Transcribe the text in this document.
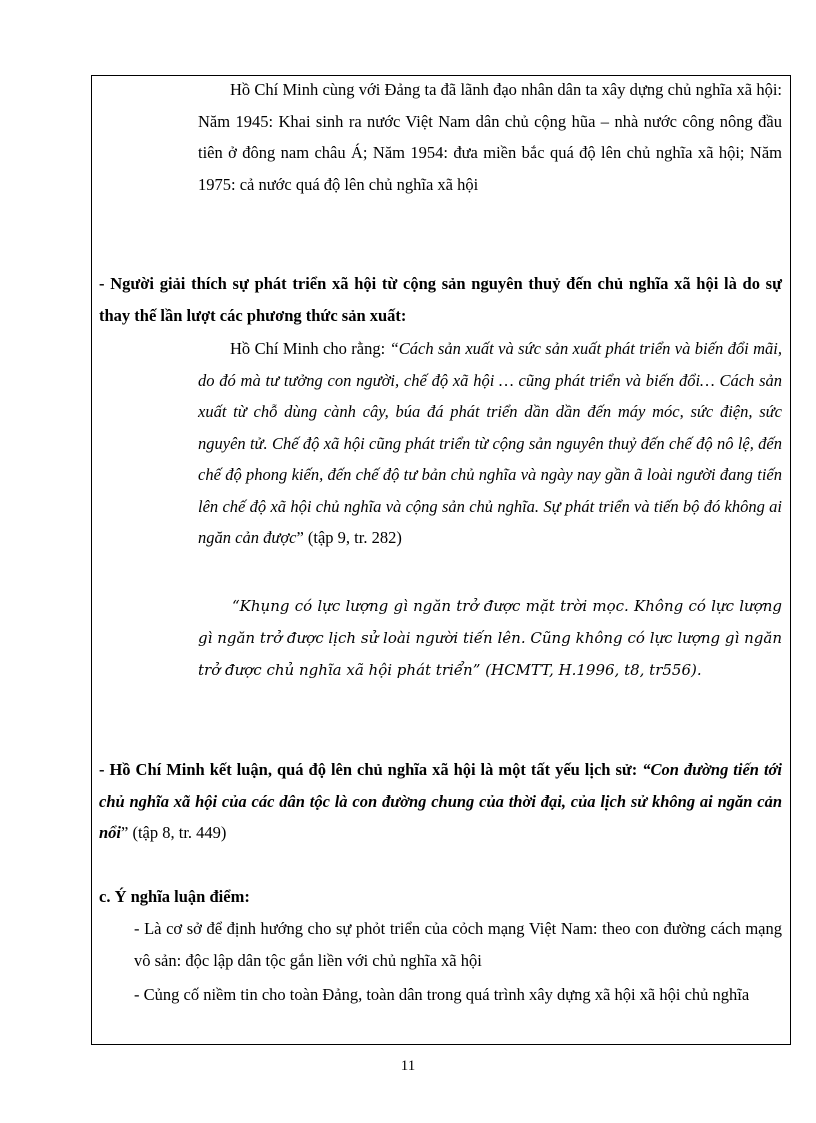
Hồ Chí Minh cùng với Đảng ta đã lãnh đạo nhân dân ta xây dựng chủ nghĩa xã hội: Năm 1945: Khai sinh ra nước Việt Nam dân chủ cộng hũa – nhà nước công nông đầu tiên ở đông nam châu Á; Năm 1954: đưa miền bắc quá độ lên chủ nghĩa xã hội; Năm 1975: cả nước quá độ lên chủ nghĩa xã hội

- Người giải thích sự phát triển xã hội từ cộng sản nguyên thuỷ đến chủ nghĩa xã hội là do sự thay thế lần lượt các phương thức sản xuất:

Hồ Chí Minh cho rằng: “Cách sản xuất và sức sản xuất phát triển và biến đổi mãi, do đó mà tư tưởng con người, chế độ xã hội … cũng phát triển và biến đổi… Cách sản xuất từ chỗ dùng cành cây, búa đá phát triển dần dần đến máy móc, sức điện, sức nguyên tử. Chế độ xã hội cũng phát triển từ cộng sản nguyên thuỷ đến chế độ nô lệ, đến chế độ phong kiến, đến chế độ tư bản chủ nghĩa và ngày nay gần ã loài người đang tiến lên chế độ xã hội chủ nghĩa và cộng sản chủ nghĩa. Sự phát triển và tiến bộ đó không ai ngăn cản được” (tập 9, tr. 282)

“Khụng có lực lượng gì ngăn trở được mặt trời mọc. Không có lực lượng gì ngăn trở được lịch sử loài người tiến lên. Cũng không có lực lượng gì ngăn trở được chủ nghĩa xã hội phát triển” (HCMTT, H.1996, t8, tr556).

- Hồ Chí Minh kết luận, quá độ lên chủ nghĩa xã hội là một tất yếu lịch sử: “Con đường tiến tới chủ nghĩa xã hội của các dân tộc là con đường chung của thời đại, của lịch sử không ai ngăn cản nổi” (tập 8, tr. 449)

c. Ý nghĩa luận điểm:

- Là cơ sở để định hướng cho sự phỏt triển của cỏch mạng Việt Nam: theo con đường cách mạng vô sản: độc lập dân tộc gắn liền với chủ nghĩa xã hội

- Củng cố niềm tin cho toàn Đảng, toàn dân trong quá trình xây dựng xã hội xã hội chủ nghĩa

11
